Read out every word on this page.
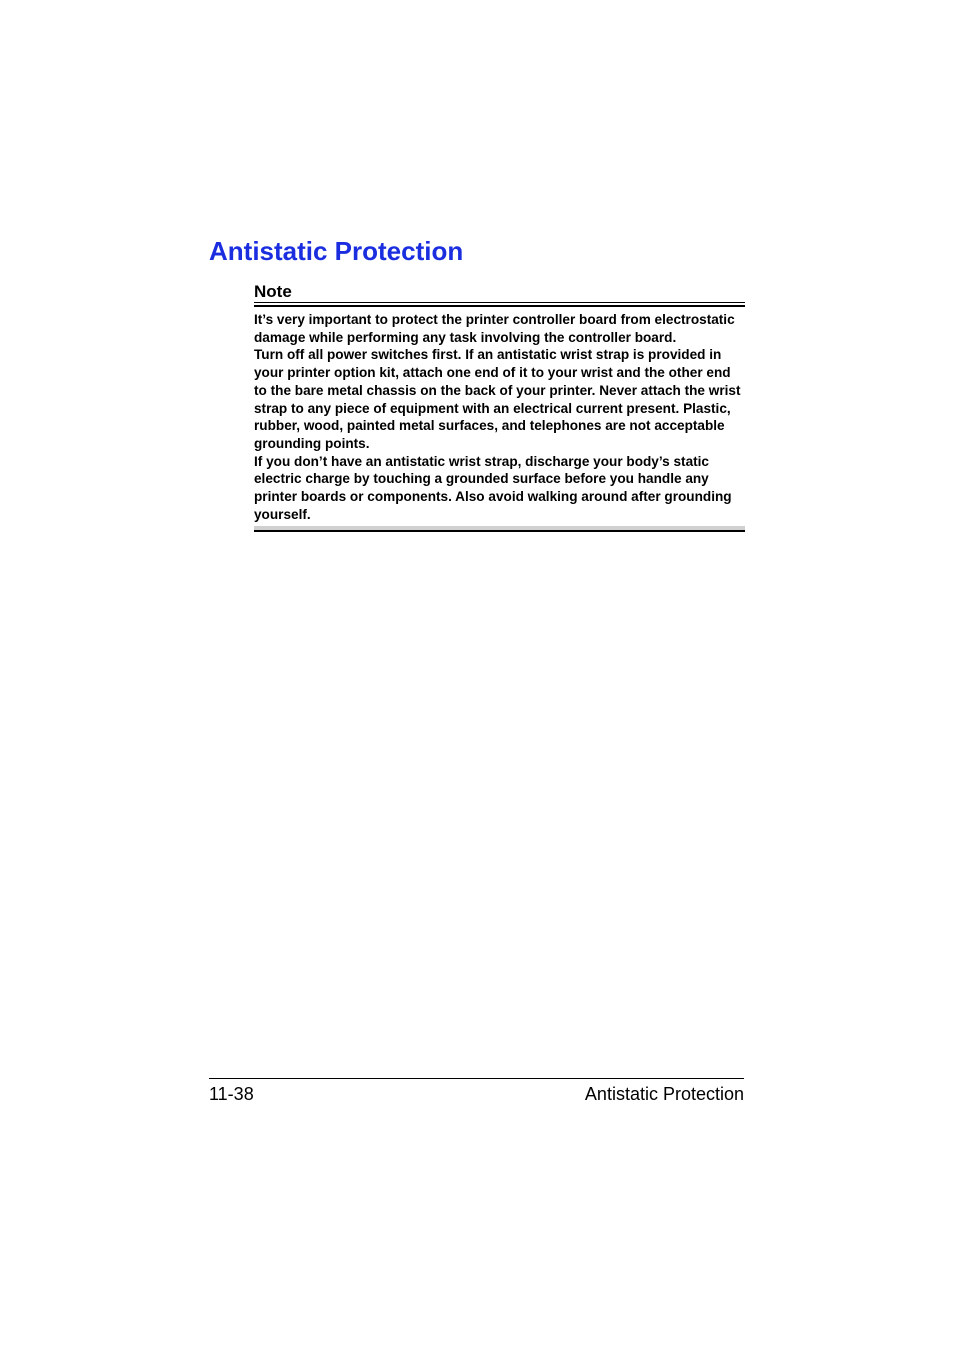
Antistatic Protection
Note

It’s very important to protect the printer controller board from electrostatic damage while performing any task involving the controller board.

Turn off all power switches first. If an antistatic wrist strap is provided in your printer option kit, attach one end of it to your wrist and the other end to the bare metal chassis on the back of your printer. Never attach the wrist strap to any piece of equipment with an electrical current present. Plastic, rubber, wood, painted metal surfaces, and telephones are not acceptable grounding points.

If you don’t have an antistatic wrist strap, discharge your body’s static electric charge by touching a grounded surface before you handle any printer boards or components. Also avoid walking around after grounding yourself.

11-38	Antistatic Protection
